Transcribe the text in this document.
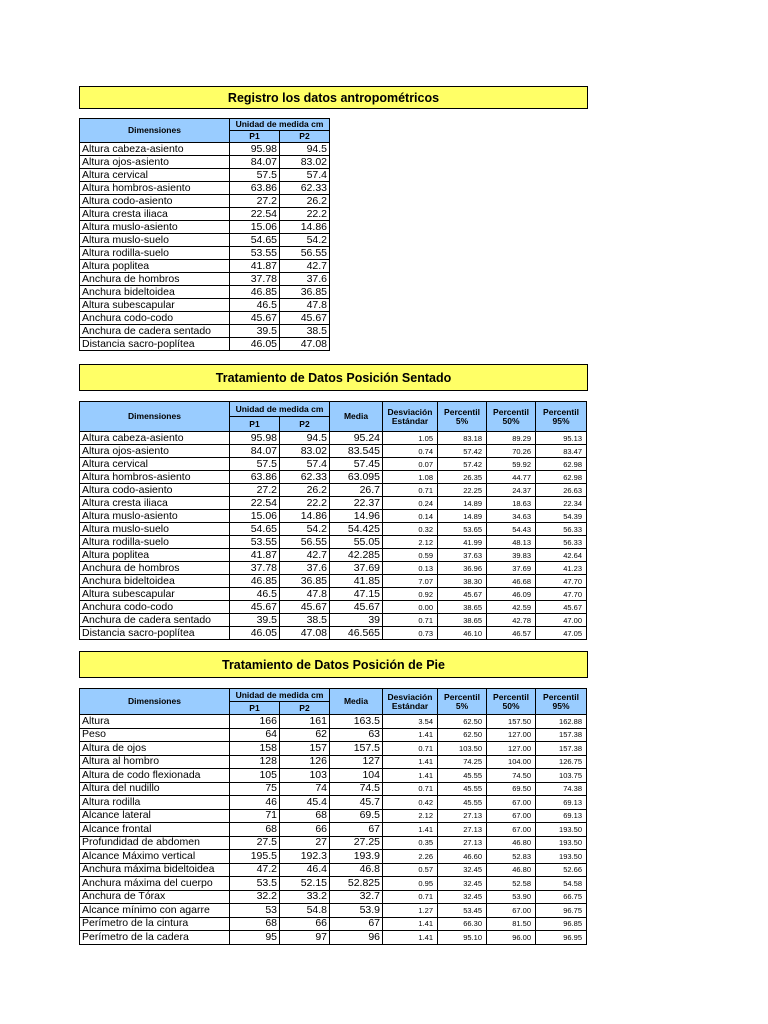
Registro los datos antropométricos
Dimensiones	Unidad de medida cm	
	P1	P2
Altura cabeza-asiento	95.98	94.5
Altura ojos-asiento	84.07	83.02
Altura cervical	57.5	57.4
Altura hombros-asiento	63.86	62.33
Altura codo-asiento	27.2	26.2
Altura cresta iliaca	22.54	22.2
Altura muslo-asiento	15.06	14.86
Altura muslo-suelo	54.65	54.2
Altura rodilla-suelo	53.55	56.55
Altura poplitea	41.87	42.7
Anchura de hombros	37.78	37.6
Anchura bideltoidea	46.85	36.85
Altura subescapular	46.5	47.8
Anchura codo-codo	45.67	45.67
Anchura de cadera sentado	39.5	38.5
Distancia sacro-poplítea	46.05	47.08
Tratamiento de Datos Posición Sentado
Dimensiones	Unidad de medida cm		Media	Desviación Estándar	Percentil 5%	Percentil 50%	Percentil 95%
	P1	P2					
Altura cabeza-asiento	95.98	94.5	95.24	1.05	83.18	89.29	95.13
Altura ojos-asiento	84.07	83.02	83.545	0.74	57.42	70.26	83.47
Altura cervical	57.5	57.4	57.45	0.07	57.42	59.92	62.98
Altura hombros-asiento	63.86	62.33	63.095	1.08	26.35	44.77	62.98
Altura codo-asiento	27.2	26.2	26.7	0.71	22.25	24.37	26.63
Altura cresta iliaca	22.54	22.2	22.37	0.24	14.89	18.63	22.34
Altura muslo-asiento	15.06	14.86	14.96	0.14	14.89	34.63	54.39
Altura muslo-suelo	54.65	54.2	54.425	0.32	53.65	54.43	56.33
Altura rodilla-suelo	53.55	56.55	55.05	2.12	41.99	48.13	56.33
Altura poplitea	41.87	42.7	42.285	0.59	37.63	39.83	42.64
Anchura de hombros	37.78	37.6	37.69	0.13	36.96	37.69	41.23
Anchura bideltoidea	46.85	36.85	41.85	7.07	38.30	46.68	47.70
Altura subescapular	46.5	47.8	47.15	0.92	45.67	46.09	47.70
Anchura codo-codo	45.67	45.67	45.67	0.00	38.65	42.59	45.67
Anchura de cadera sentado	39.5	38.5	39	0.71	38.65	42.78	47.00
Distancia sacro-poplítea	46.05	47.08	46.565	0.73	46.10	46.57	47.05
Tratamiento de Datos Posición de Pie
Dimensiones	Unidad de medida cm		Media	Desviación Estándar	Percentil 5%	Percentil 50%	Percentil 95%
	P1	P2					
Altura	166	161	163.5	3.54	62.50	157.50	162.88
Peso	64	62	63	1.41	62.50	127.00	157.38
Altura de ojos	158	157	157.5	0.71	103.50	127.00	157.38
Altura al hombro	128	126	127	1.41	74.25	104.00	126.75
Altura de codo flexionada	105	103	104	1.41	45.55	74.50	103.75
Altura del nudillo	75	74	74.5	0.71	45.55	69.50	74.38
Altura rodilla	46	45.4	45.7	0.42	45.55	67.00	69.13
Alcance lateral	71	68	69.5	2.12	27.13	67.00	69.13
Alcance frontal	68	66	67	1.41	27.13	67.00	193.50
Profundidad de abdomen	27.5	27	27.25	0.35	27.13	46.80	193.50
Alcance Máximo vertical	195.5	192.3	193.9	2.26	46.60	52.83	193.50
Anchura máxima bideltoidea	47.2	46.4	46.8	0.57	32.45	46.80	52.66
Anchura máxima del cuerpo	53.5	52.15	52.825	0.95	32.45	52.58	54.58
Anchura de Tórax	32.2	33.2	32.7	0.71	32.45	53.90	66.75
Alcance mínimo con agarre	53	54.8	53.9	1.27	53.45	67.00	96.75
Perímetro de la cintura	68	66	67	1.41	66.30	81.50	96.85
Perímetro de la cadera	95	97	96	1.41	95.10	96.00	96.95
